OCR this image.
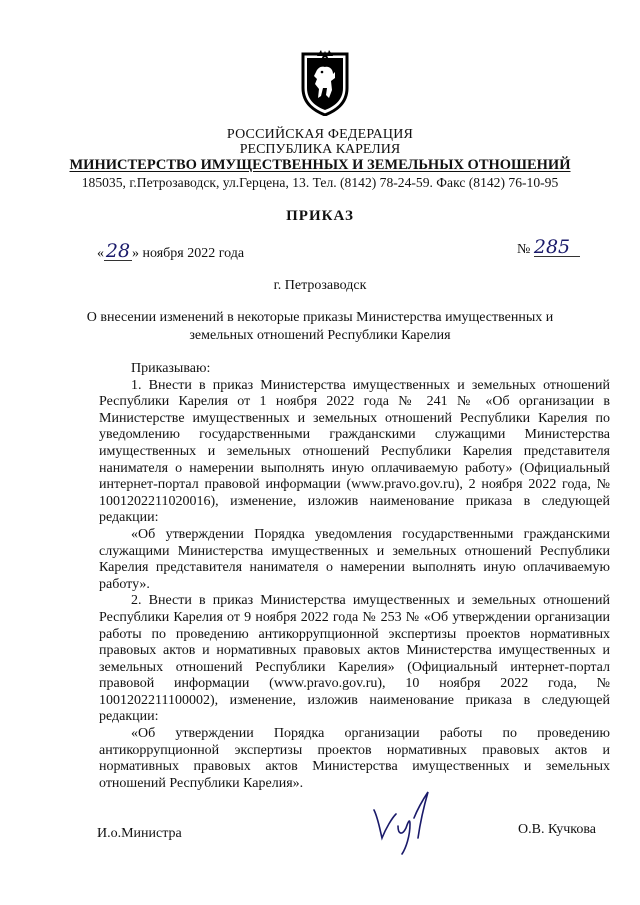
РОССИЙСКАЯ ФЕДЕРАЦИЯ
РЕСПУБЛИКА КАРЕЛИЯ
МИНИСТЕРСТВО ИМУЩЕСТВЕННЫХ И ЗЕМЕЛЬНЫХ ОТНОШЕНИЙ
185035, г.Петрозаводск, ул.Герцена, 13. Тел. (8142) 78-24-59. Факс (8142) 76-10-95
ПРИКАЗ
« 28 » ноября 2022 года	№ 285
г. Петрозаводск
О внесении изменений в некоторые приказы Министерства имущественных и земельных отношений Республики Карелия

Приказываю:

1. Внести в приказ Министерства имущественных и земельных отношений Республики Карелия от 1 ноября 2022 года № 241 № «Об организации в Министерстве имущественных и земельных отношений Республики Карелия по уведомлению государственными гражданскими служащими Министерства имущественных и земельных отношений Республики Карелия представителя нанимателя о намерении выполнять иную оплачиваемую работу» (Официальный интернет-портал правовой информации (www.pravo.gov.ru), 2 ноября 2022 года, № 1001202211020016), изменение, изложив наименование приказа в следующей редакции:

«Об утверждении Порядка уведомления государственными гражданскими служащими Министерства имущественных и земельных отношений Республики Карелия представителя нанимателя о намерении выполнять иную оплачиваемую работу».

2. Внести в приказ Министерства имущественных и земельных отношений Республики Карелия от 9 ноября 2022 года № 253 № «Об утверждении организации работы по проведению антикоррупционной экспертизы проектов нормативных правовых актов и нормативных правовых актов Министерства имущественных и земельных отношений Республики Карелия» (Официальный интернет-портал правовой информации (www.pravo.gov.ru), 10 ноября 2022 года, № 1001202211100002), изменение, изложив наименование приказа в следующей редакции:

«Об утверждении Порядка организации работы по проведению антикоррупционной экспертизы проектов нормативных правовых актов и нормативных правовых актов Министерства имущественных и земельных отношений Республики Карелия».

И.о.Министра	О.В. Кучкова
